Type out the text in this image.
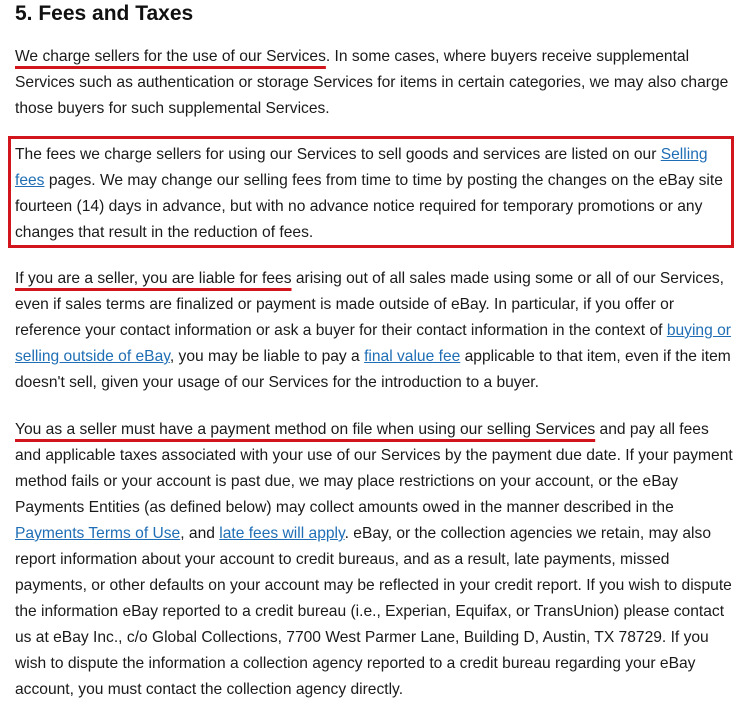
5. Fees and Taxes

We charge sellers for the use of our Services. In some cases, where buyers receive supplemental Services such as authentication or storage Services for items in certain categories, we may also charge those buyers for such supplemental Services.

The fees we charge sellers for using our Services to sell goods and services are listed on our Selling fees pages. We may change our selling fees from time to time by posting the changes on the eBay site fourteen (14) days in advance, but with no advance notice required for temporary promotions or any changes that result in the reduction of fees.

If you are a seller, you are liable for fees arising out of all sales made using some or all of our Services, even if sales terms are finalized or payment is made outside of eBay. In particular, if you offer or reference your contact information or ask a buyer for their contact information in the context of buying or selling outside of eBay, you may be liable to pay a final value fee applicable to that item, even if the item doesn't sell, given your usage of our Services for the introduction to a buyer.

You as a seller must have a payment method on file when using our selling Services and pay all fees and applicable taxes associated with your use of our Services by the payment due date. If your payment method fails or your account is past due, we may place restrictions on your account, or the eBay Payments Entities (as defined below) may collect amounts owed in the manner described in the Payments Terms of Use, and late fees will apply. eBay, or the collection agencies we retain, may also report information about your account to credit bureaus, and as a result, late payments, missed payments, or other defaults on your account may be reflected in your credit report. If you wish to dispute the information eBay reported to a credit bureau (i.e., Experian, Equifax, or TransUnion) please contact us at eBay Inc., c/o Global Collections, 7700 West Parmer Lane, Building D, Austin, TX 78729. If you wish to dispute the information a collection agency reported to a credit bureau regarding your eBay account, you must contact the collection agency directly.
